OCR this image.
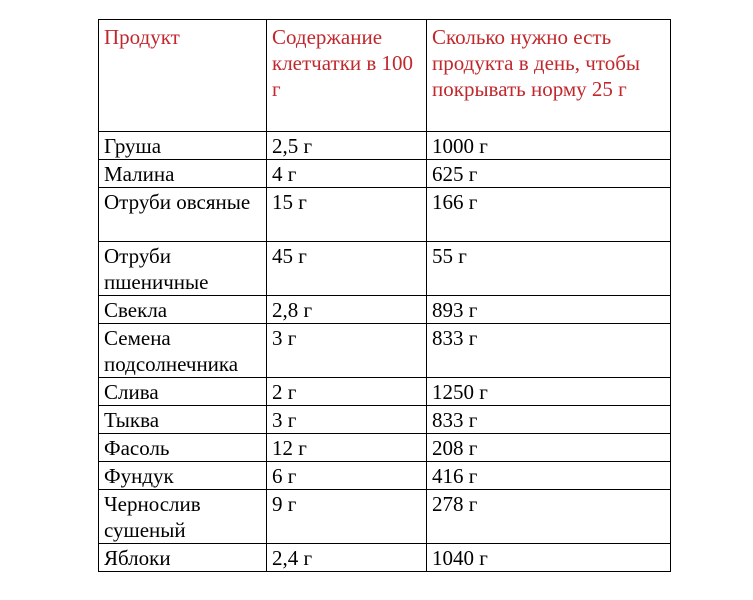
Продукт	Содержание клетчатки в 100 г	Сколько нужно есть продукта в день, чтобы покрывать норму 25 г
Груша	2,5 г	1000 г
Малина	4 г	625 г
Отруби овсяные	15 г	166 г
Отруби пшеничные	45 г	55 г
Свекла	2,8 г	893 г
Семена подсолнечника	3 г	833 г
Слива	2 г	1250 г
Тыква	3 г	833 г
Фасоль	12 г	208 г
Фундук	6 г	416 г
Чернослив сушеный	9 г	278 г
Яблоки	2,4 г	1040 г
